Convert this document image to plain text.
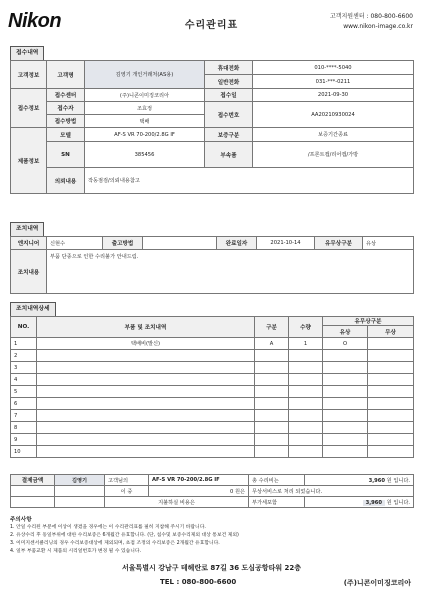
Nikon	수리관리표
고객지원센터 : 080-800-6600
www.nikon-image.co.kr
접수내역
고객정보	고객명	김영기 개인거래처(AS용)	휴대전화	010-****-5040
			일반전화	031-***-0211
접수정보	접수센터	(주)니콘이미징코리아	접수일	2021-09-30
	접수자	조효정	접수번호	AA20210930024
	접수방법	택배		
제품정보	모델	AF-S VR 70-200/2.8G IF	보증구분	보증기간종료
	SN	385456	부속품	/프론트캡/리어캡/가방
	의뢰내용	작동점검/의뢰내용참고		
조치내역
엔지니어	신현수	출고방법		완료일자	2021-10-14	유무상구분	유상
조치내용	부품 단종으로 인한 수리불가 안내드림.						
조치내역상세
NO.	부품 및 조치내역	구분	수량	유무상구분	
				유상	무상
1	택배비(발신)	A	1	O	
2					
3					
4					
5					
6					
7					
8					
9					
10					
결제금액	김영기	고객님의	AF-S VR 70-200/2.8G IF	총 수리비는	3,960 원 입니다.
		이 중	0 원은	무상서비스로 처리 되었습니다.	
		지불하실 비용은		부가세포함	3,960 원 입니다.
주의사항
1. 안일 수리된 부분에 이상이 생겼을 경우에는 이 수리관리표를 필히 지참해 주시기 바랍니다.
2. 유상수리 후 동일부위에 대한 수리보증은 6개월간 유효합니다. (단, 침수및 보증수리제외 대상 통보건 제외)
3. 이미지센서클리닝의 경우 수리보증대상에 제외되며, 초점 조정의 수리보증은 2개월간 유효합니다.
4. 일부 부품교환 시 제품의 시리얼번호가 변경 될 수 있습니다.
서울특별시 강남구 테헤란로 87길 36 도심공항타워 22층
TEL : 080-800-6600	(주)니콘이미징코리아
